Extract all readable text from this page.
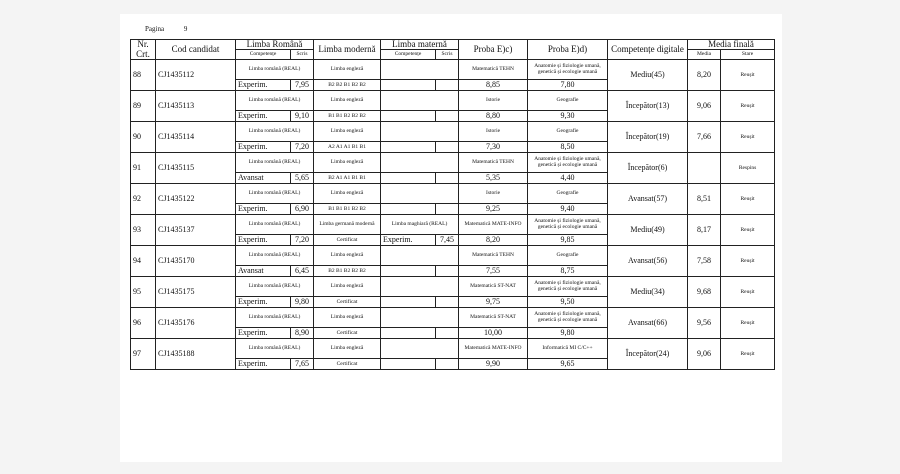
Pagina	9
Nr. Crt.	Cod candidat	Limba Română		Limba modernă	Limba maternă		Proba E)c)	Proba E)d)	Competențe digitale	Media finală	
		Competențe	Scris		Competențe	Scris				Media	Stare
88	CJ1435112	Limba română (REAL)		Limba engleză			Matematică TEHN	Anatomie și fiziologie umană, genetică și ecologie umană	Mediu(45)	8,20	Reușit
		Experim.	7,95	B2 B2 B1 B2 B2			8,85	7,80			
89	CJ1435113	Limba română (REAL)		Limba engleză			Istorie	Geografie	Începător(13)	9,06	Reușit
		Experim.	9,10	B1 B1 B2 B2 B2			8,80	9,30			
90	CJ1435114	Limba română (REAL)		Limba engleză			Istorie	Geografie	Începător(19)	7,66	Reușit
		Experim.	7,20	A2 A1 A1 B1 B1			7,30	8,50			
91	CJ1435115	Limba română (REAL)		Limba engleză			Matematică TEHN	Anatomie și fiziologie umană, genetică și ecologie umană	Începător(6)		Respins
		Avansat	5,65	B2 A1 A1 B1 B1			5,35	4,40			
92	CJ1435122	Limba română (REAL)		Limba engleză			Istorie	Geografie	Avansat(57)	8,51	Reușit
		Experim.	6,90	B1 B1 B1 B2 B2			9,25	9,40			
93	CJ1435137	Limba română (REAL)		Limba germană modernă	Limba maghiară (REAL)		Matematică MATE-INFO	Anatomie și fiziologie umană, genetică și ecologie umană	Mediu(49)	8,17	Reușit
		Experim.	7,20	Certificat	Experim.	7,45	8,20	9,85			
94	CJ1435170	Limba română (REAL)		Limba engleză			Matematică TEHN	Geografie	Avansat(56)	7,58	Reușit
		Avansat	6,45	B2 B1 B2 B2 B2			7,55	8,75			
95	CJ1435175	Limba română (REAL)		Limba engleză			Matematică ST-NAT	Anatomie și fiziologie umană, genetică și ecologie umană	Mediu(34)	9,68	Reușit
		Experim.	9,80	Certificat			9,75	9,50			
96	CJ1435176	Limba română (REAL)		Limba engleză			Matematică ST-NAT	Anatomie și fiziologie umană, genetică și ecologie umană	Avansat(66)	9,56	Reușit
		Experim.	8,90	Certificat			10,00	9,80			
97	CJ1435188	Limba română (REAL)		Limba engleză			Matematică MATE-INFO	Informatică MI C/C++	Începător(24)	9,06	Reușit
		Experim.	7,65	Certificat			9,90	9,65			
